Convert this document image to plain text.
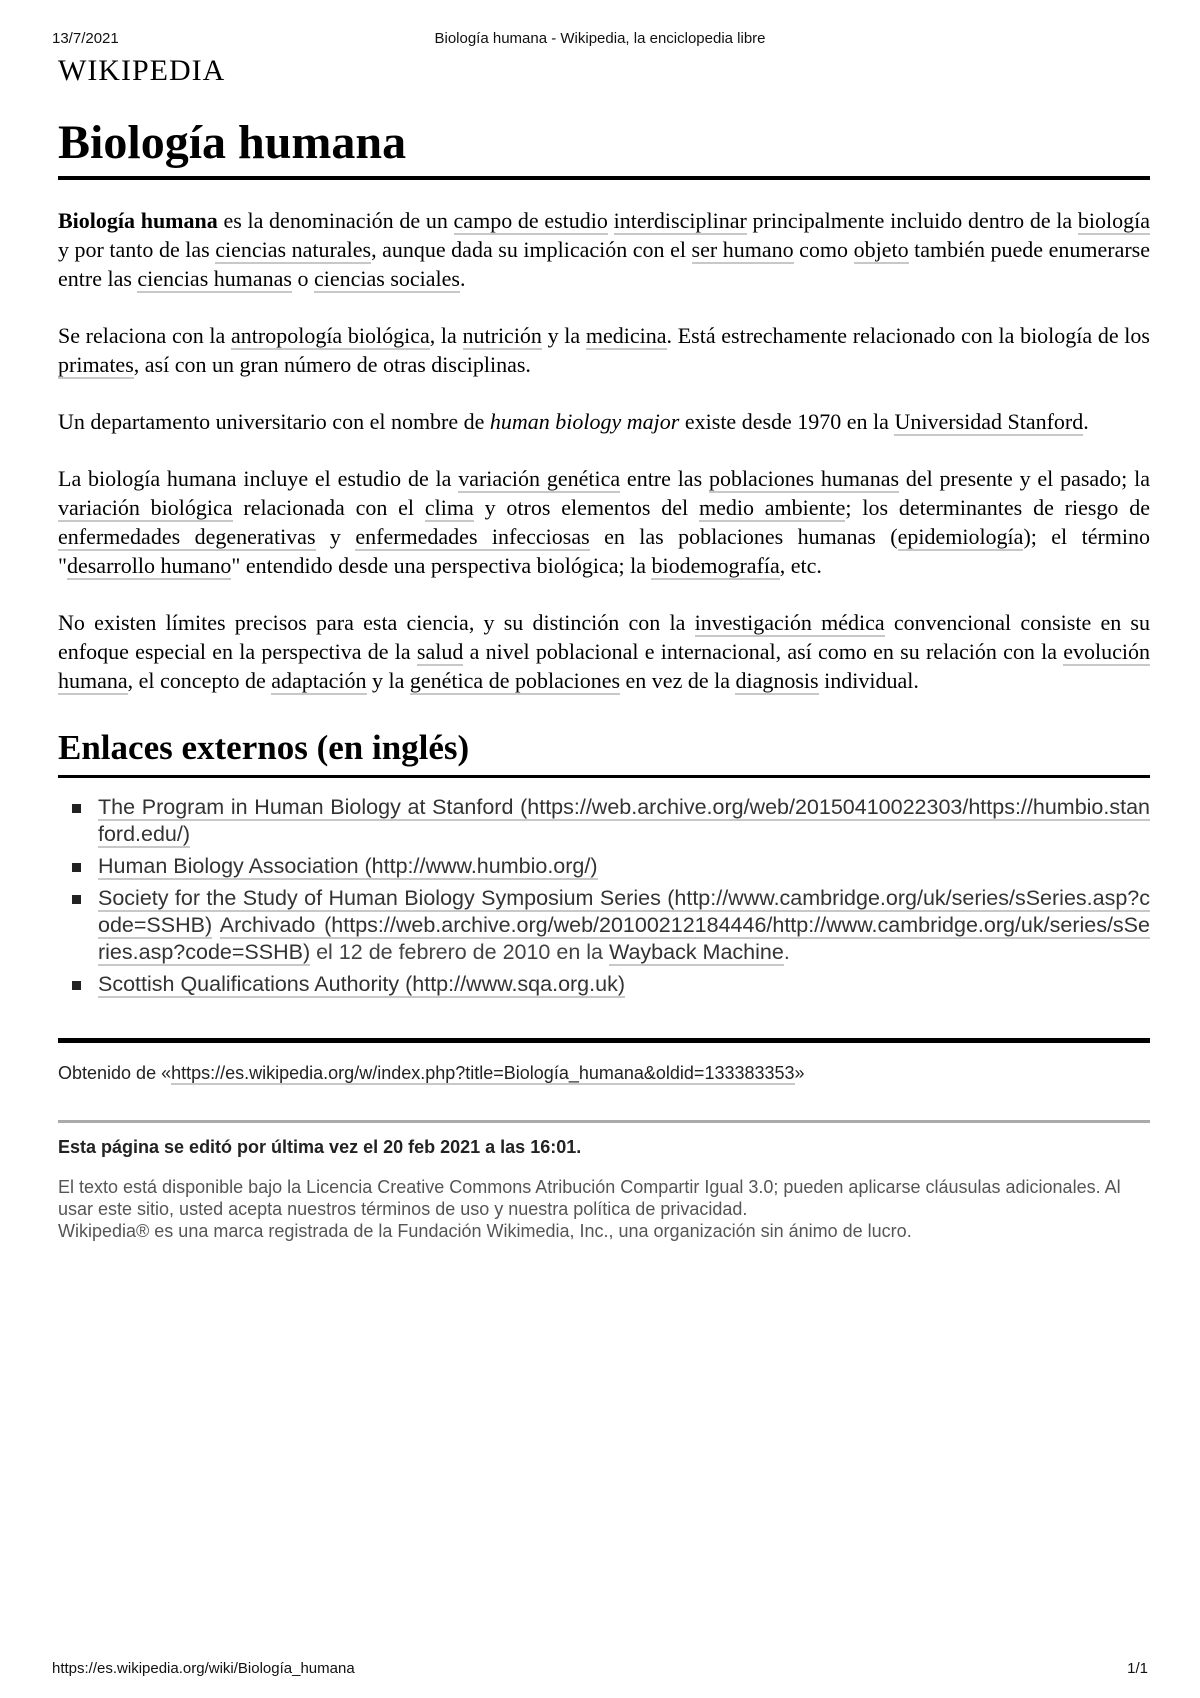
13/7/2021	Biología humana - Wikipedia, la enciclopedia libre
WIKIPEDIA
Biología humana

Biología humana es la denominación de un campo de estudio interdisciplinar principalmente incluido dentro de la biología y por tanto de las ciencias naturales, aunque dada su implicación con el ser humano como objeto también puede enumerarse entre las ciencias humanas o ciencias sociales.

Se relaciona con la antropología biológica, la nutrición y la medicina. Está estrechamente relacionado con la biología de los primates, así con un gran número de otras disciplinas.

Un departamento universitario con el nombre de human biology major existe desde 1970 en la Universidad Stanford.

La biología humana incluye el estudio de la variación genética entre las poblaciones humanas del presente y el pasado; la variación biológica relacionada con el clima y otros elementos del medio ambiente; los determinantes de riesgo de enfermedades degenerativas y enfermedades infecciosas en las poblaciones humanas (epidemiología); el término "desarrollo humano" entendido desde una perspectiva biológica; la biodemografía, etc.

No existen límites precisos para esta ciencia, y su distinción con la investigación médica convencional consiste en su enfoque especial en la perspectiva de la salud a nivel poblacional e internacional, así como en su relación con la evolución humana, el concepto de adaptación y la genética de poblaciones en vez de la diagnosis individual.

Enlaces externos (en inglés)
The Program in Human Biology at Stanford (https://web.archive.org/web/20150410022303/https://humbio.stanford.edu/)
Human Biology Association (http://www.humbio.org/)
Society for the Study of Human Biology Symposium Series (http://www.cambridge.org/uk/series/sSeries.asp?code=SSHB) Archivado (https://web.archive.org/web/20100212184446/http://www.cambridge.org/uk/series/sSeries.asp?code=SSHB) el 12 de febrero de 2010 en la Wayback Machine.
Scottish Qualifications Authority (http://www.sqa.org.uk)
Obtenido de «https://es.wikipedia.org/w/index.php?title=Biología_humana&oldid=133383353»
Esta página se editó por última vez el 20 feb 2021 a las 16:01.
El texto está disponible bajo la Licencia Creative Commons Atribución Compartir Igual 3.0; pueden aplicarse cláusulas adicionales. Al usar este sitio, usted acepta nuestros términos de uso y nuestra política de privacidad.
Wikipedia® es una marca registrada de la Fundación Wikimedia, Inc., una organización sin ánimo de lucro.
https://es.wikipedia.org/wiki/Biología_humana	1/1
